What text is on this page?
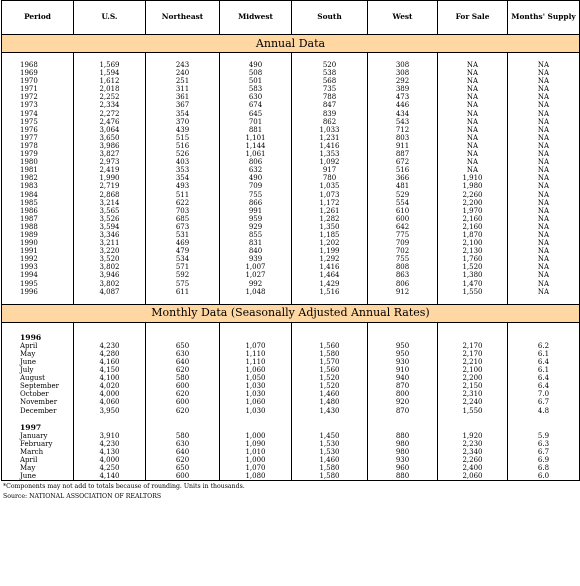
Period	U.S.	Northeast	Midwest	South	West	For Sale	Months' Supply
Annual Data							

1968	1,569	243	490	520	308	NA	NA
1969	1,594	240	508	538	308	NA	NA
1970	1,612	251	501	568	292	NA	NA
1971	2,018	311	583	735	389	NA	NA
1972	2,252	361	630	788	473	NA	NA
1973	2,334	367	674	847	446	NA	NA
1974	2,272	354	645	839	434	NA	NA
1975	2,476	370	701	862	543	NA	NA
1976	3,064	439	881	1,033	712	NA	NA
1977	3,650	515	1,101	1,231	803	NA	NA
1978	3,986	516	1,144	1,416	911	NA	NA
1979	3,827	526	1,061	1,353	887	NA	NA
1980	2,973	403	806	1,092	672	NA	NA
1981	2,419	353	632	917	516	NA	NA
1982	1,990	354	490	780	366	1,910	NA
1983	2,719	493	709	1,035	481	1,980	NA
1984	2,868	511	755	1,073	529	2,260	NA
1985	3,214	622	866	1,172	554	2,200	NA
1986	3,565	703	991	1,261	610	1,970	NA
1987	3,526	685	959	1,282	600	2,160	NA
1988	3,594	673	929	1,350	642	2,160	NA
1989	3,346	531	855	1,185	775	1,870	NA
1990	3,211	469	831	1,202	709	2,100	NA
1991	3,220	479	840	1,199	702	2,130	NA
1992	3,520	534	939	1,292	755	1,760	NA
1993	3,802	571	1,007	1,416	808	1,520	NA
1994	3,946	592	1,027	1,464	863	1,380	NA
1995	3,802	575	992	1,429	806	1,470	NA
1996	4,087	611	1,048	1,516	912	1,550	NA

Monthly Data (Seasonally Adjusted Annual Rates)							

1996							
April	4,230	650	1,070	1,560	950	2,170	6.2
May	4,280	630	1,110	1,580	950	2,170	6.1
June	4,160	640	1,110	1,570	930	2,210	6.4
July	4,150	620	1,060	1,560	910	2,100	6.1
August	4,100	580	1,050	1,520	940	2,200	6.4
September	4,020	600	1,030	1,520	870	2,150	6.4
October	4,000	620	1,030	1,460	800	2,310	7.0
November	4,060	600	1,060	1,480	920	2,240	6.7
December	3,950	620	1,030	1,430	870	1,550	4.8

1997							
January	3,910	580	1,000	1,450	880	1,920	5.9
February	4,230	630	1,090	1,530	980	2,230	6.3
March	4,130	640	1,010	1,530	980	2,340	6.7
April	4,000	620	1,000	1,460	930	2,260	6.9
May	4,250	650	1,070	1,580	960	2,400	6.8
June	4,140	600	1,080	1,580	880	2,060	6.0
*Components may not add to totals because of rounding. Units in thousands.
Source: NATIONAL ASSOCIATION OF REALTORS
